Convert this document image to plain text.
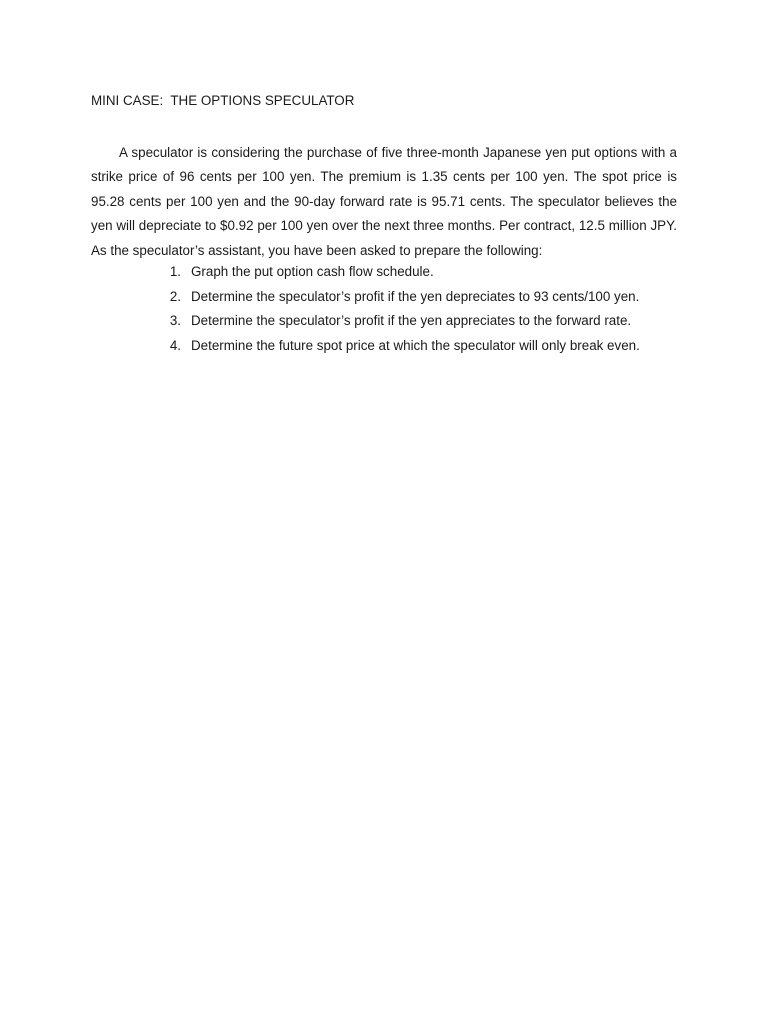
MINI CASE:  THE OPTIONS SPECULATOR

A speculator is considering the purchase of five three-month Japanese yen put options with a strike price of 96 cents per 100 yen. The premium is 1.35 cents per 100 yen. The spot price is 95.28 cents per 100 yen and the 90-day forward rate is 95.71 cents. The speculator believes the yen will depreciate to $0.92 per 100 yen over the next three months. Per contract, 12.5 million JPY. As the speculator’s assistant, you have been asked to prepare the following:

1. Graph the put option cash flow schedule.
2. Determine the speculator’s profit if the yen depreciates to 93 cents/100 yen.
3. Determine the speculator’s profit if the yen appreciates to the forward rate.
4. Determine the future spot price at which the speculator will only break even.
